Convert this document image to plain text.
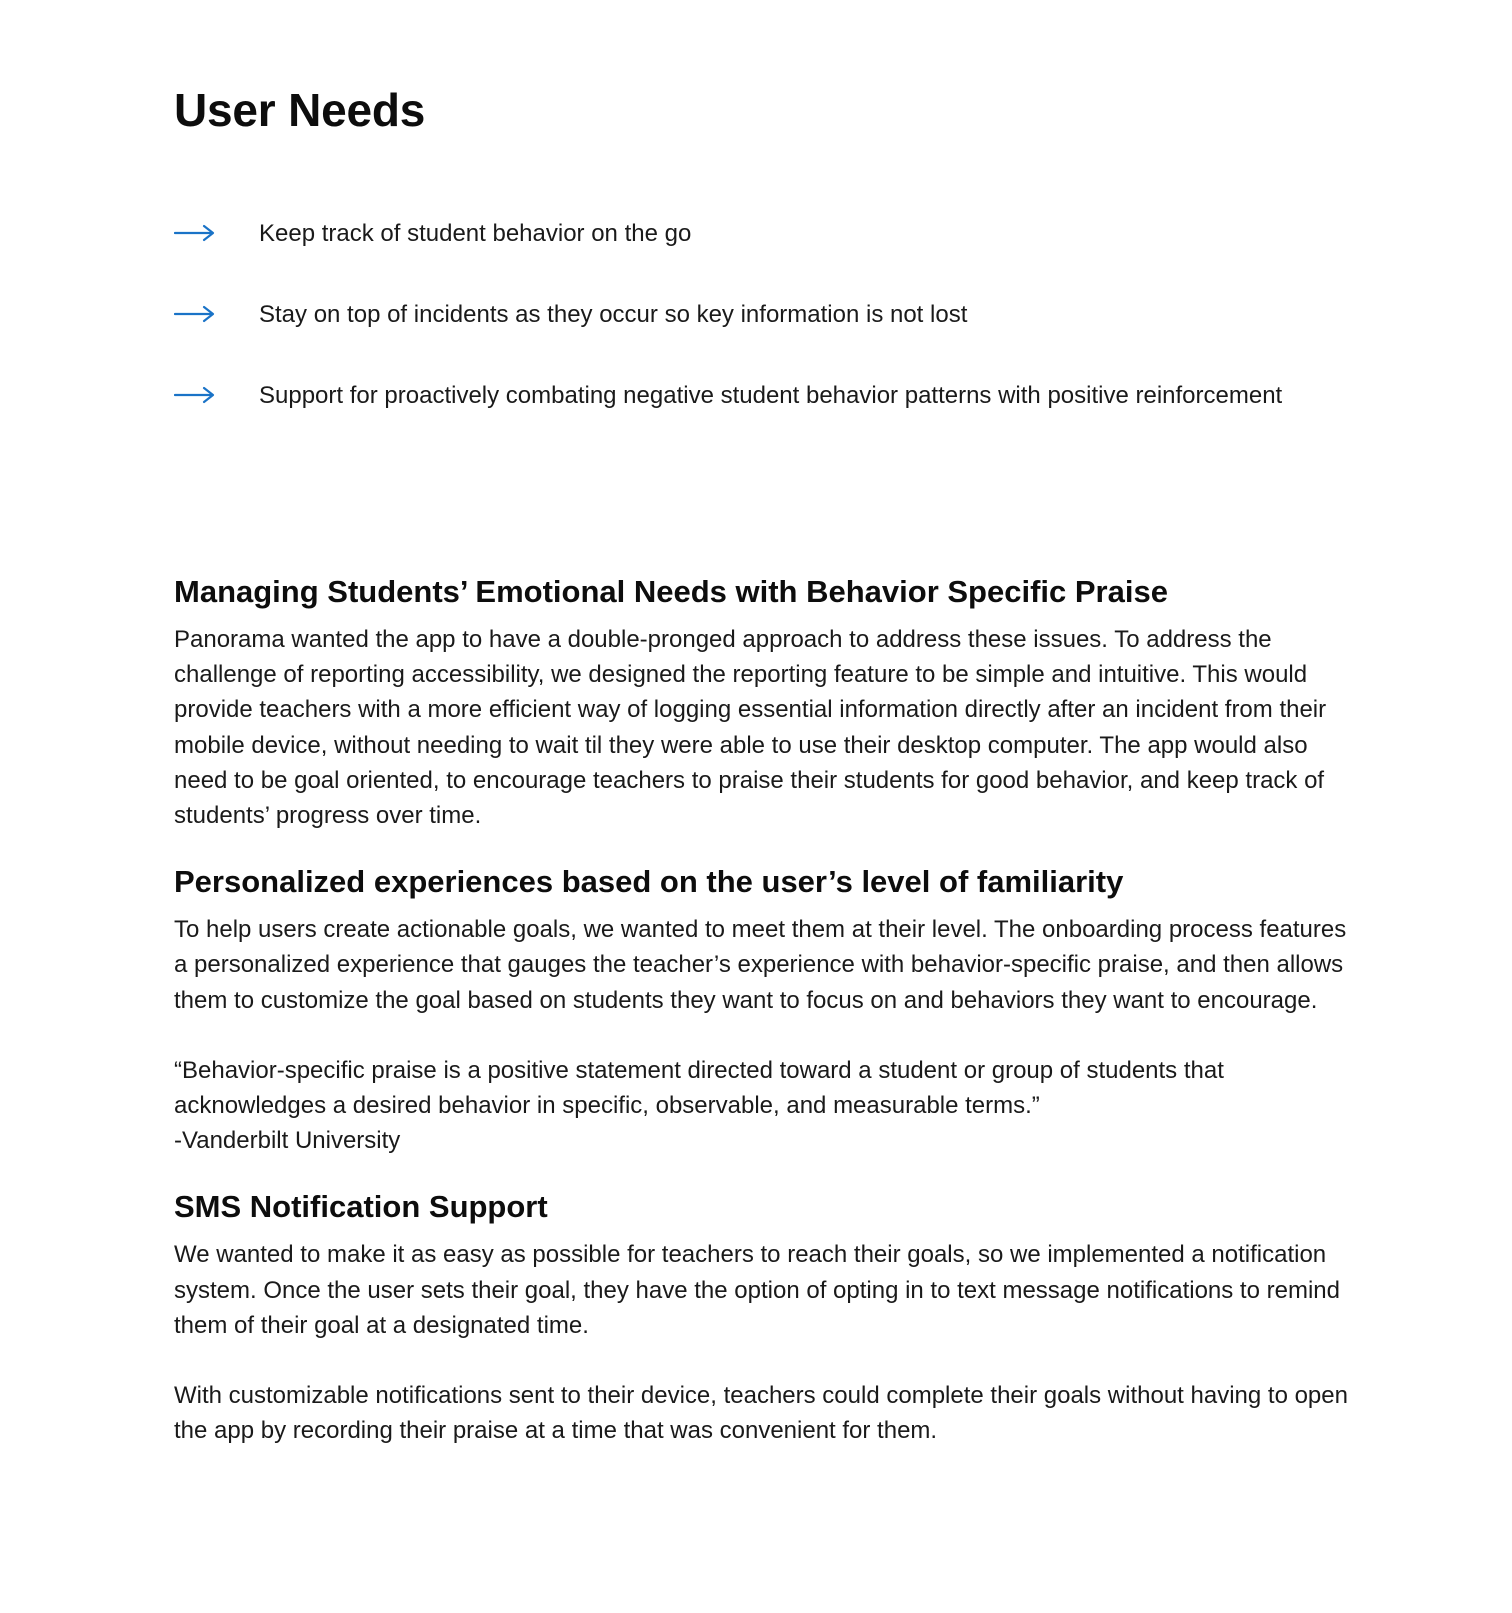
User Needs
Keep track of student behavior on the go
Stay on top of incidents as they occur so key information is not lost
Support for proactively combating negative student behavior patterns with positive reinforcement
Managing Students’ Emotional Needs with Behavior Specific Praise

Panorama wanted the app to have a double-pronged approach to address these issues. To address the challenge of reporting accessibility, we designed the reporting feature to be simple and intuitive. This would provide teachers with a more efficient way of logging essential information directly after an incident from their mobile device, without needing to wait til they were able to use their desktop computer. The app would also need to be goal oriented, to encourage teachers to praise their students for good behavior, and keep track of students’ progress over time.

Personalized experiences based on the user’s level of familiarity

To help users create actionable goals, we wanted to meet them at their level. The onboarding process features a personalized experience that gauges the teacher’s experience with behavior-specific praise, and then allows them to customize the goal based on students they want to focus on and behaviors they want to encourage.

“Behavior-specific praise is a positive statement directed toward a student or group of students that acknowledges a desired behavior in specific, observable, and measurable terms.”
-Vanderbilt University

SMS Notification Support

We wanted to make it as easy as possible for teachers to reach their goals, so we implemented a notification system. Once the user sets their goal, they have the option of opting in to text message notifications to remind them of their goal at a designated time.

With customizable notifications sent to their device, teachers could complete their goals without having to open the app by recording their praise at a time that was convenient for them.
